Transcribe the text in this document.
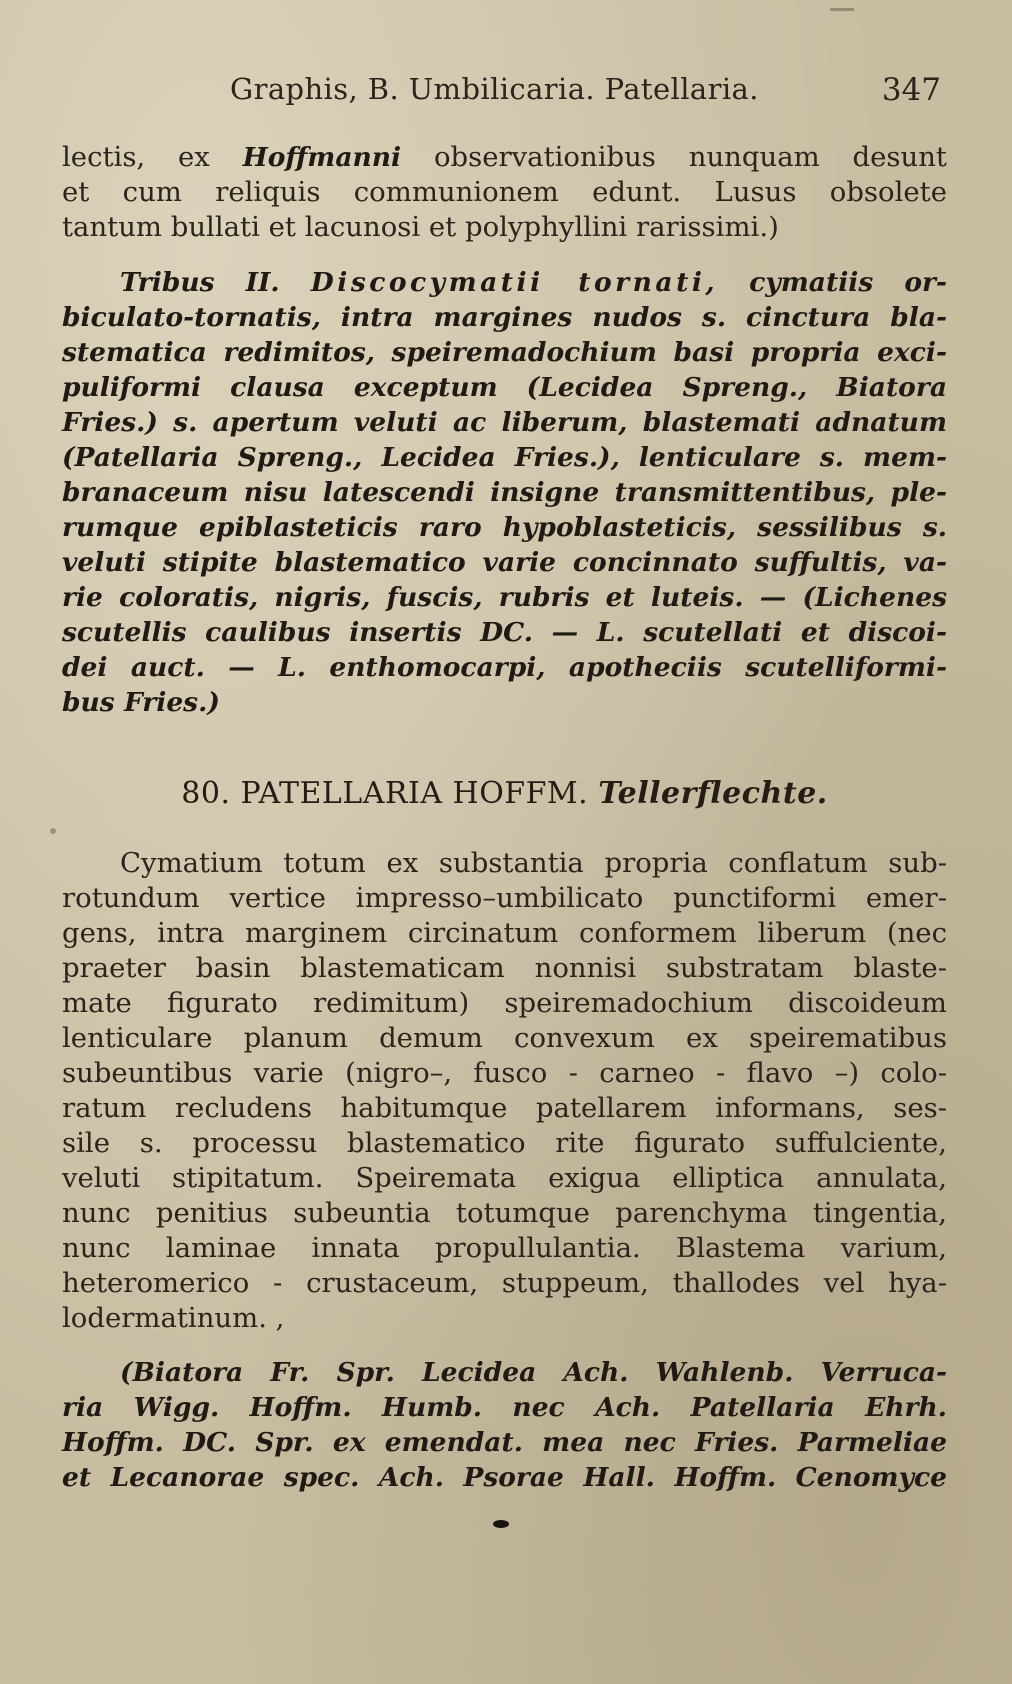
Graphis, B. Umbilicaria. Patellaria.	347
lectis, ex Hoffmanni observationibus nunquam desunt
et cum reliquis communionem edunt. Lusus obsolete
tantum bullati et lacunosi et polyphyllini rarissimi.)
Tribus II. Discocymatii tornati, cymatiis or-
biculato-tornatis, intra margines nudos s. cinctura bla-
stematica redimitos, speiremadochium basi propria exci-
puliformi clausa exceptum (Lecidea Spreng., Biatora
Fries.) s. apertum veluti ac liberum, blastemati adnatum
(Patellaria Spreng., Lecidea Fries.), lenticulare s. mem-
branaceum nisu latescendi insigne transmittentibus, ple-
rumque epiblasteticis raro hypoblasteticis, sessilibus s.
veluti stipite blastematico varie concinnato suffultis, va-
rie coloratis, nigris, fuscis, rubris et luteis. — (Lichenes
scutellis caulibus insertis DC. — L. scutellati et discoi-
dei auct. — L. enthomocarpi, apotheciis scutelliformi-
bus Fries.)
80. PATELLARIA HOFFM. Tellerflechte.
Cymatium totum ex substantia propria conflatum sub-
rotundum vertice impresso–umbilicato punctiformi emer-
gens, intra marginem circinatum conformem liberum (nec
praeter basin blastematicam nonnisi substratam blaste-
mate figurato redimitum) speiremadochium discoideum
lenticulare planum demum convexum ex speirematibus
subeuntibus varie (nigro–, fusco - carneo - flavo –) colo-
ratum recludens habitumque patellarem informans, ses-
sile s. processu blastematico rite figurato suffulciente,
veluti stipitatum. Speiremata exigua elliptica annulata,
nunc penitius subeuntia totumque parenchyma tingentia,
nunc laminae innata propullulantia. Blastema varium,
heteromerico - crustaceum, stuppeum, thallodes vel hya-
lodermatinum. ,
(Biatora Fr. Spr. Lecidea Ach. Wahlenb. Verruca-
ria Wigg. Hoffm. Humb. nec Ach. Patellaria Ehrh.
Hoffm. DC. Spr. ex emendat. mea nec Fries. Parmeliae
et Lecanorae spec. Ach. Psorae Hall. Hoffm. Cenomyce
